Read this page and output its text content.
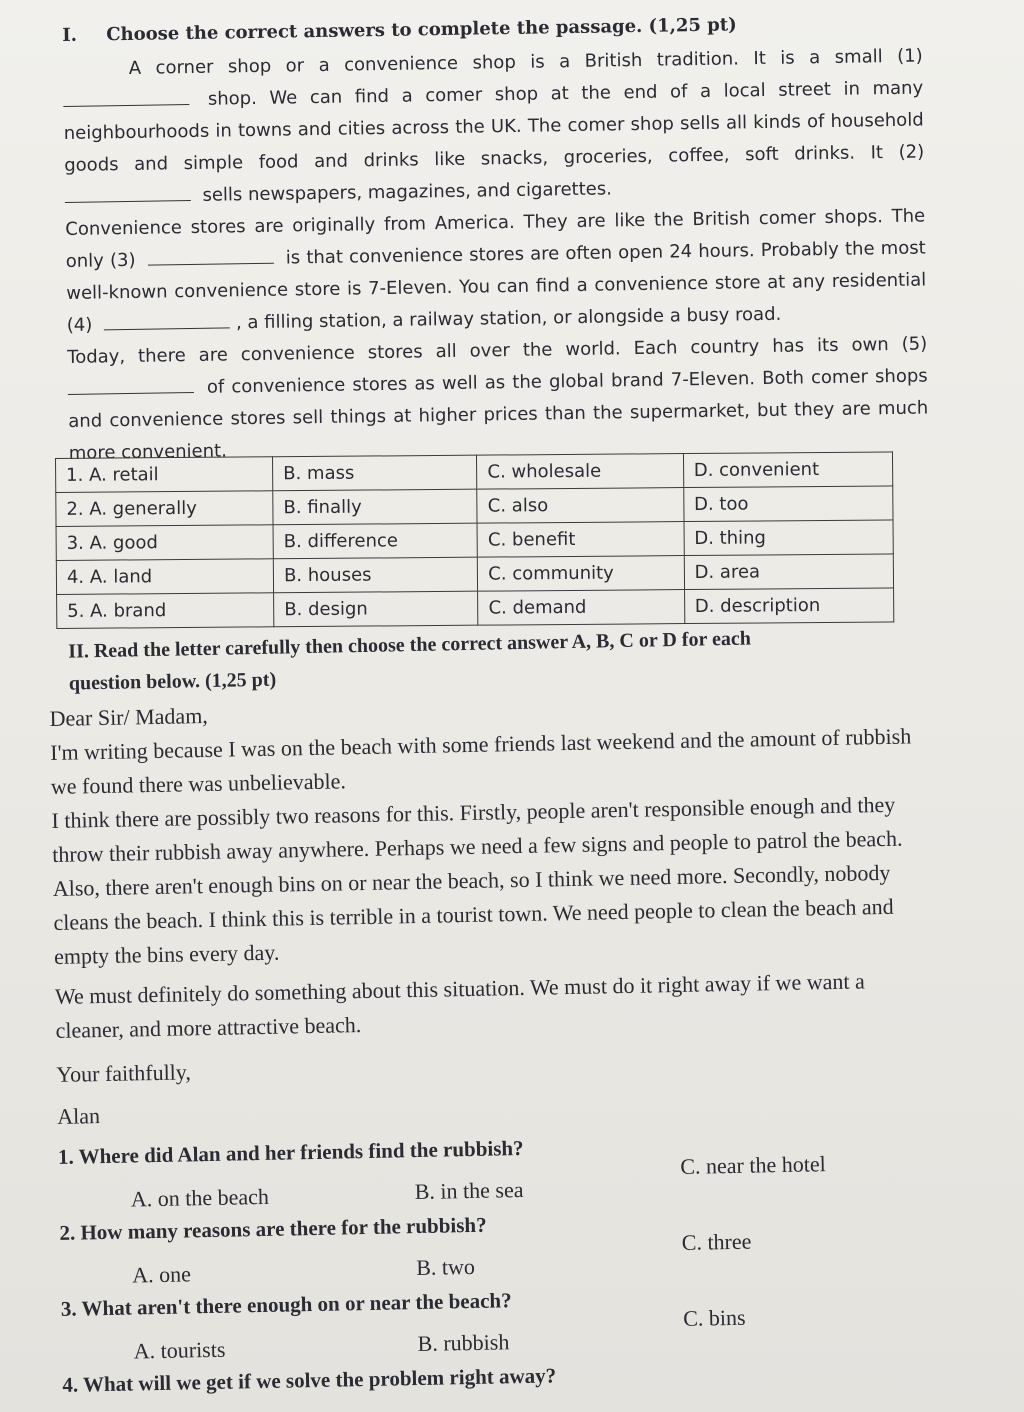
I. Choose the correct answers to complete the passage. (1,25 pt)

A corner shop or a convenience shop is a British tradition. It is a small (1)  shop. We can find a comer shop at the end of a local street in many neighbourhoods in towns and cities across the UK. The comer shop sells all kinds of household goods and simple food and drinks like snacks, groceries, coffee, soft drinks. It (2)  sells newspapers, magazines, and cigarettes.

Convenience stores are originally from America. They are like the British comer shops. The only (3)	is that convenience stores are often open 24 hours. Probably the most well-known convenience store is 7-Eleven. You can find a convenience store at any residential (4)	, a filling station, a railway station, or alongside a busy road.

Today, there are convenience stores all over the world. Each country has its own (5)  of convenience stores as well as the global brand 7-Eleven. Both comer shops and convenience stores sell things at higher prices than the supermarket, but they are much more convenient.

1. A. retail	B. mass	C. wholesale	D. convenient
2. A. generally	B. finally	C. also	D. too
3. A. good	B. difference	C. benefit	D. thing
4. A. land	B. houses	C. community	D. area
5. A. brand	B. design	C. demand	D. description
II. Read the letter carefully then choose the correct answer A, B, C or D for each
question below. (1,25 pt)

Dear Sir/ Madam,

I'm writing because I was on the beach with some friends last weekend and the amount of rubbish we found there was unbelievable.

I think there are possibly two reasons for this. Firstly, people aren't responsible enough and they throw their rubbish away anywhere. Perhaps we need a few signs and people to patrol the beach. Also, there aren't enough bins on or near the beach, so I think we need more. Secondly, nobody cleans the beach. I think this is terrible in a tourist town. We need people to clean the beach and empty the bins every day.

We must definitely do something about this situation. We must do it right away if we want a cleaner, and more attractive beach.

Your faithfully,

Alan

1. Where did Alan and her friends find the rubbish?
A. on the beach	B. in the sea
C. near the hotel
2. How many reasons are there for the rubbish?
A. one	B. two
C. three
3. What aren't there enough on or near the beach?
A. tourists	B. rubbish
C. bins
4. What will we get if we solve the problem right away?
